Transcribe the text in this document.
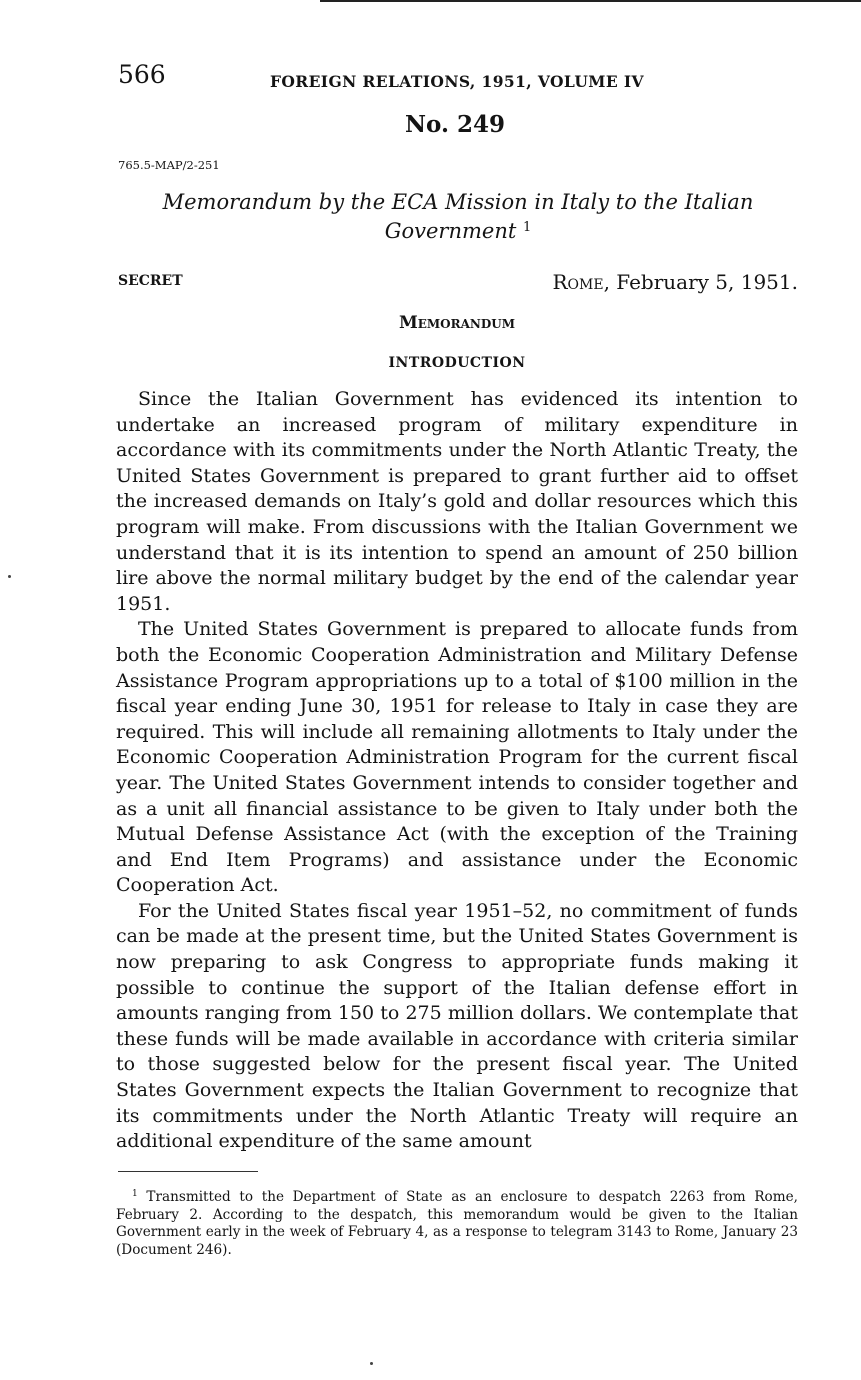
566	FOREIGN RELATIONS, 1951, VOLUME IV
No. 249
765.5-MAP/2-251
Memorandum by the ECA Mission in Italy to the Italian Government $^1$
SECRET	Rome, February 5, 1951.
Memorandum
INTRODUCTION

Since the Italian Government has evidenced its intention to undertake an increased program of military expenditure in accordance with its commitments under the North Atlantic Treaty, the United States Government is prepared to grant further aid to offset the increased demands on Italy’s gold and dollar resources which this program will make. From discussions with the Italian Government we understand that it is its intention to spend an amount of 250 billion lire above the normal military budget by the end of the calendar year 1951.

The United States Government is prepared to allocate funds from both the Economic Cooperation Administration and Military Defense Assistance Program appropriations up to a total of $100 million in the fiscal year ending June 30, 1951 for release to Italy in case they are required. This will include all remaining allotments to Italy under the Economic Cooperation Administration Program for the current fiscal year. The United States Government intends to consider together and as a unit all financial assistance to be given to Italy under both the Mutual Defense Assistance Act (with the exception of the Training and End Item Programs) and assistance under the Economic Cooperation Act.

For the United States fiscal year 1951–52, no commitment of funds can be made at the present time, but the United States Government is now preparing to ask Congress to appropriate funds making it possible to continue the support of the Italian defense effort in amounts ranging from 150 to 275 million dollars. We contemplate that these funds will be made available in accordance with criteria similar to those suggested below for the present fiscal year. The United States Government expects the Italian Government to recognize that its commitments under the North Atlantic Treaty will require an additional expenditure of the same amount

$^1$ Transmitted to the Department of State as an enclosure to despatch 2263 from Rome, February 2. According to the despatch, this memorandum would be given to the Italian Government early in the week of February 4, as a response to telegram 3143 to Rome, January 23 (Document 246).
